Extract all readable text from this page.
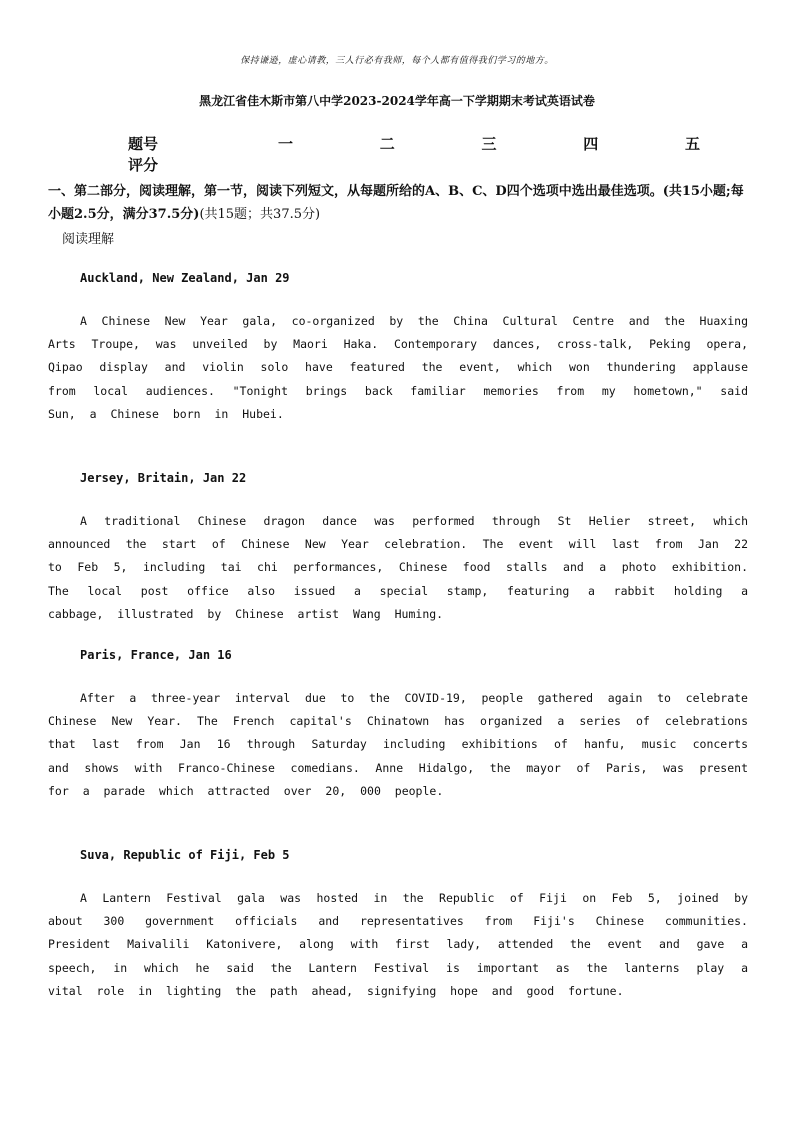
保持谦逊，虚心请教，三人行必有我师，每个人都有值得我们学习的地方。
黑龙江省佳木斯市第八中学2023-2024学年高一下学期期末考试英语试卷
题号	一	二	三	四	五
评分
一、第二部分，阅读理解，第一节，阅读下列短文，从每题所给的A、B、C、D四个选项中选出最佳选项。(共15小题;每小题2.5分，满分37.5分)(共15题；共37.5分)
阅读理解
Auckland, New Zealand, Jan 29
A Chinese New Year gala, co-organized by the China Cultural Centre and the Huaxing Arts Troupe, was unveiled by Maori Haka. Contemporary dances, cross-talk, Peking opera, Qipao display and violin solo have featured the event, which won thundering applause from local audiences. "Tonight brings back familiar memories from my hometown," said Sun, a Chinese born in Hubei.
Jersey, Britain, Jan 22
A traditional Chinese dragon dance was performed through St Helier street, which announced the start of Chinese New Year celebration. The event will last from Jan 22 to Feb 5, including tai chi performances, Chinese food stalls and a photo exhibition. The local post office also issued a special stamp, featuring a rabbit holding a cabbage, illustrated by Chinese artist Wang Huming.
Paris, France, Jan 16
After a three-year interval due to the COVID-19, people gathered again to celebrate Chinese New Year. The French capital's Chinatown has organized a series of celebrations that last from Jan 16 through Saturday including exhibitions of hanfu, music concerts and shows with Franco-Chinese comedians. Anne Hidalgo, the mayor of Paris, was present for a parade which attracted over 20, 000 people.
Suva, Republic of Fiji, Feb 5
A Lantern Festival gala was hosted in the Republic of Fiji on Feb 5, joined by about 300 government officials and representatives from Fiji's Chinese communities. President Maivalili Katonivere, along with first lady, attended the event and gave a speech, in which he said the Lantern Festival is important as the lanterns play a vital role in lighting the path ahead, signifying hope and good fortune.
